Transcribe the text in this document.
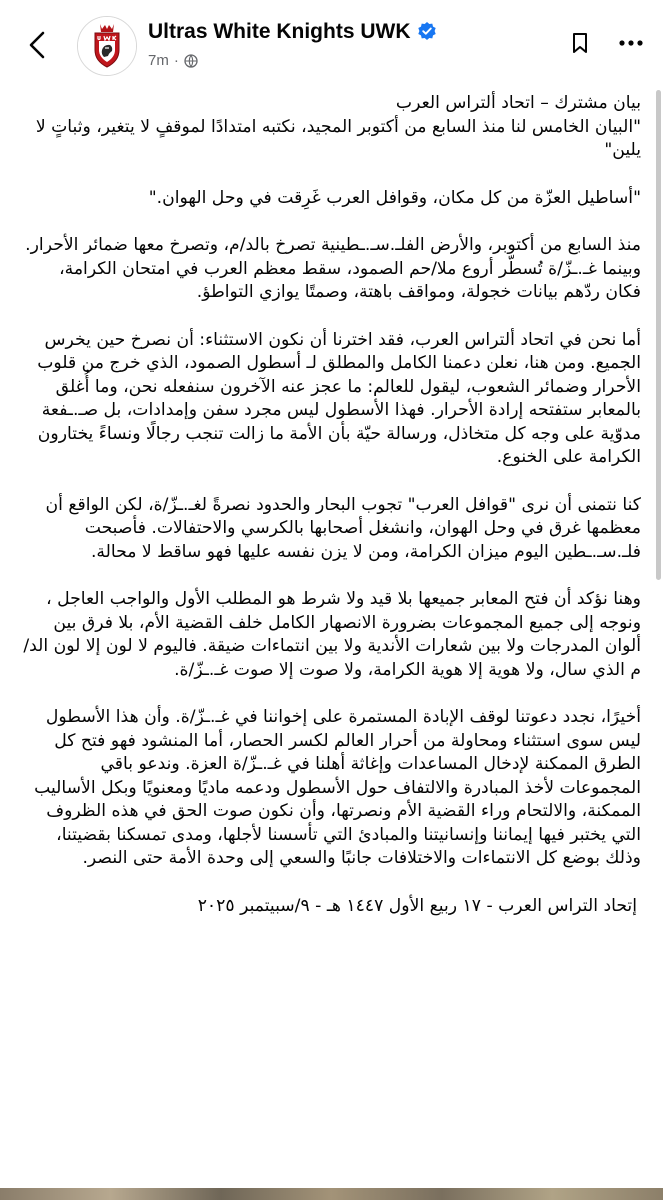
Ultras White Knights UWK
7m ·

بيان مشترك – اتحاد ألتراس العرب
"البيان الخامس لنا منذ السابع من أكتوبر المجيد، نكتبه امتدادًا لموقفٍ لا يتغير، وثباتٍ لا يلين"

"أساطيل العزّة من كل مكان، وقوافل العرب غَرِقت في وحل الهوان."

منذ السابع من أكتوبر، والأرض الفلـ.سـ.ـطينية تصرخ بالد/م، وتصرخ معها ضمائر الأحرار. وبينما غـ.ـزّ/ة تُسطّر أروع ملا/حم الصمود، سقط معظم العرب في امتحان الكرامة، فكان ردّهم بيانات خجولة، ومواقف باهتة، وصمتًا يوازي التواطؤ.

أما نحن في اتحاد ألتراس العرب، فقد اخترنا أن نكون الاستثناء: أن نصرخ حين يخرس الجميع. ومن هنا، نعلن دعمنا الكامل والمطلق لـ أسطول الصمود، الذي خرج من قلوب الأحرار وضمائر الشعوب، ليقول للعالم: ما عجز عنه الآخرون سنفعله نحن، وما أُغلق بالمعابر ستفتحه إرادة الأحرار. فهذا الأسطول ليس مجرد سفن وإمدادات، بل صـ.ـفعة مدوّية على وجه كل متخاذل، ورسالة حيّة بأن الأمة ما زالت تنجب رجالًا ونساءً يختارون الكرامة على الخنوع.

كنا نتمنى أن نرى "قوافل العرب" تجوب البحار والحدود نصرةً لغـ.ـزّ/ة، لكن الواقع أن معظمها غرق في وحل الهوان، وانشغل أصحابها بالكرسي والاحتفالات. فأصبحت فلـ.سـ.ـطين اليوم ميزان الكرامة، ومن لا يزن نفسه عليها فهو ساقط لا محالة.

وهنا نؤكد أن فتح المعابر جميعها بلا قيد ولا شرط هو المطلب الأول والواجب العاجل ، ونوجه إلى جميع المجموعات بضرورة الانصهار الكامل خلف القضية الأم، بلا فرق بين ألوان المدرجات ولا بين شعارات الأندية ولا بين انتماءات ضيقة. فاليوم لا لون إلا لون الد/م الذي سال، ولا هوية إلا هوية الكرامة، ولا صوت إلا صوت غـ.ـزّ/ة.

أخيرًا، نجدد دعوتنا لوقف الإبادة المستمرة على إخواننا في غـ.ـزّ/ة. وأن هذا الأسطول ليس سوى استثناء ومحاولة من أحرار العالم لكسر الحصار، أما المنشود فهو فتح كل الطرق الممكنة لإدخال المساعدات وإغاثة أهلنا في غـ.ـزّ/ة العزة. وندعو باقي المجموعات لأخذ المبادرة والالتفاف حول الأسطول ودعمه ماديًا ومعنويًا وبكل الأساليب الممكنة، والالتحام وراء القضية الأم ونصرتها، وأن نكون صوت الحق في هذه الظروف التي يختبر فيها إيماننا وإنسانيتنا والمبادئ التي تأسسنا لأجلها، ومدى تمسكنا بقضيتنا، وذلك بوضع كل الانتماءات والاختلافات جانبًا والسعي إلى وحدة الأمة حتى النصر.

إتحاد التراس العرب - ١٧ ربيع الأول ١٤٤٧ هـ - ٩/سبيتمبر ٢٠٢٥
